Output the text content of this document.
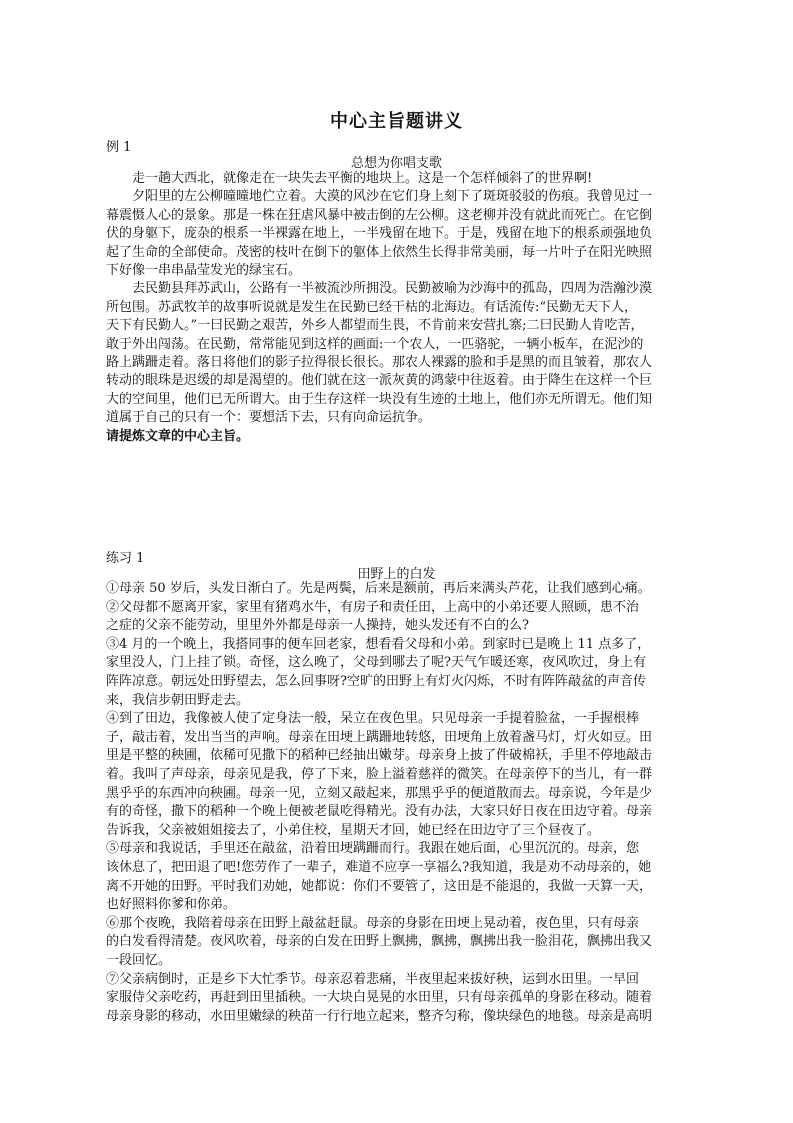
中心主旨题讲义
例 1
总想为你唱支歌
　　走一趟大西北，就像走在一块失去平衡的地块上。这是一个怎样倾斜了的世界啊!
　　夕阳里的左公柳曈曈地伫立着。大漠的风沙在它们身上刻下了斑斑驳驳的伤痕。我曾见过一
幕震慑人心的景象。那是一株在狂虐风暴中被击倒的左公柳。这老柳并没有就此而死亡。在它倒
伏的身躯下，庞杂的根系一半裸露在地上，一半残留在地下。于是，残留在地下的根系顽强地负
起了生命的全部使命。茂密的枝叶在倒下的躯体上依然生长得非常美丽，每一片叶子在阳光映照
下好像一串串晶莹发光的绿宝石。
　　去民勤县拜苏武山，公路有一半被流沙所拥没。民勤被喻为沙海中的孤岛，四周为浩瀚沙漠
所包围。苏武牧羊的故事听说就是发生在民勤已经干枯的北海边。有话流传:“民勤无天下人，
天下有民勤人。”一曰民勤之艰苦，外乡人都望而生畏，不肯前来安营扎寨;二曰民勤人肯吃苦，
敢于外出闯荡。在民勤，常常能见到这样的画面:一个农人，一匹骆驼，一辆小板车，在泥沙的
路上蹒跚走着。落日将他们的影子拉得很长很长。那农人裸露的脸和手是黑的而且皱着，那农人
转动的眼珠是迟缓的却是渴望的。他们就在这一派灰黄的鸿蒙中往返着。由于降生在这样一个巨
大的空间里，他们已无所谓大。由于生存这样一块没有生迹的土地上，他们亦无所谓无。他们知
道属于自己的只有一个：要想活下去，只有向命运抗争。
请提炼文章的中心主旨。
练习 1
田野上的白发
①母亲 50 岁后，头发日渐白了。先是两鬓，后来是额前，再后来满头芦花，让我们感到心痛。
②父母都不愿离开家，家里有猪鸡水牛，有房子和责任田，上高中的小弟还要人照顾，患不治
之症的父亲不能劳动，里里外外都是母亲一人操持，她头发还有不白的么?
③4 月的一个晚上，我搭同事的便车回老家，想看看父母和小弟。到家时已是晚上 11 点多了，
家里没人，门上挂了锁。奇怪，这么晚了，父母到哪去了呢?天气乍暖还寒，夜风吹过，身上有
阵阵凉意。朝远处田野望去，怎么回事呀?空旷的田野上有灯火闪烁，不时有阵阵敲盆的声音传
来，我信步朝田野走去。
④到了田边，我像被人使了定身法一般，呆立在夜色里。只见母亲一手提着脸盆，一手握根棒
子，敲击着，发出当当的声响。母亲在田埂上蹒跚地转悠，田埂角上放着盏马灯，灯火如豆。田
里是平整的秧圃，依稀可见撒下的稻种已经抽出嫩芽。母亲身上披了件破棉袄，手里不停地敲击
着。我叫了声母亲，母亲见是我，停了下来，脸上溢着慈祥的微笑。在母亲停下的当儿，有一群
黑乎乎的东西冲向秧圃。母亲一见，立刻又敲起来，那黑乎乎的便道散而去。母亲说，今年是少
有的奇怪，撒下的稻种一个晚上便被老鼠吃得精光。没有办法，大家只好日夜在田边守着。母亲
告诉我，父亲被姐姐接去了，小弟住校，星期天才回，她已经在田边守了三个昼夜了。
⑤母亲和我说话，手里还在敲盆，沿着田埂蹒跚而行。我跟在她后面，心里沉沉的。母亲，您
该休息了，把田退了吧!您劳作了一辈子，难道不应享一享福么?我知道，我是劝不动母亲的，她
离不开她的田野。平时我们劝她，她都说：你们不要管了，这田是不能退的，我做一天算一天，
也好照料你爹和你弟。
⑥那个夜晚，我陪着母亲在田野上敲盆赶鼠。母亲的身影在田埂上晃动着，夜色里，只有母亲
的白发看得清楚。夜风吹着，母亲的白发在田野上飘拂，飘拂，飘拂出我一脸泪花，飘拂出我又
一段回忆。
⑦父亲病倒时，正是乡下大忙季节。母亲忍着悲痛，半夜里起来拔好秧，运到水田里。一早回
家服侍父亲吃药，再赶到田里插秧。一大块白晃晃的水田里，只有母亲孤单的身影在移动。随着
母亲身影的移动，水田里嫩绿的秧苗一行行地立起来，整齐匀称，像块绿色的地毯。母亲是高明
